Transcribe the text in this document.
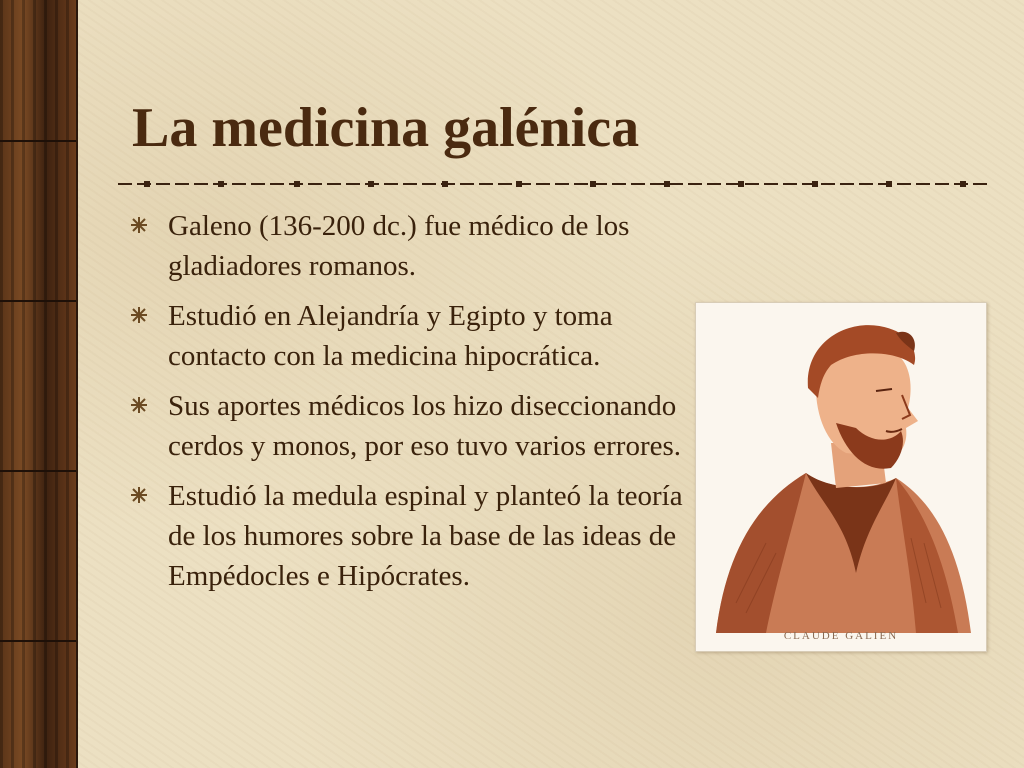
La medicina galénica
Galeno (136-200 dc.) fue médico de los gladiadores romanos.
Estudió en Alejandría y Egipto y toma contacto con la medicina hipocrática.
Sus aportes médicos los hizo diseccionando cerdos y monos, por eso tuvo varios errores.
Estudió la medula espinal y planteó la teoría de los humores sobre la base de las ideas de Empédocles e Hipócrates.
CLAUDE GALIEN
